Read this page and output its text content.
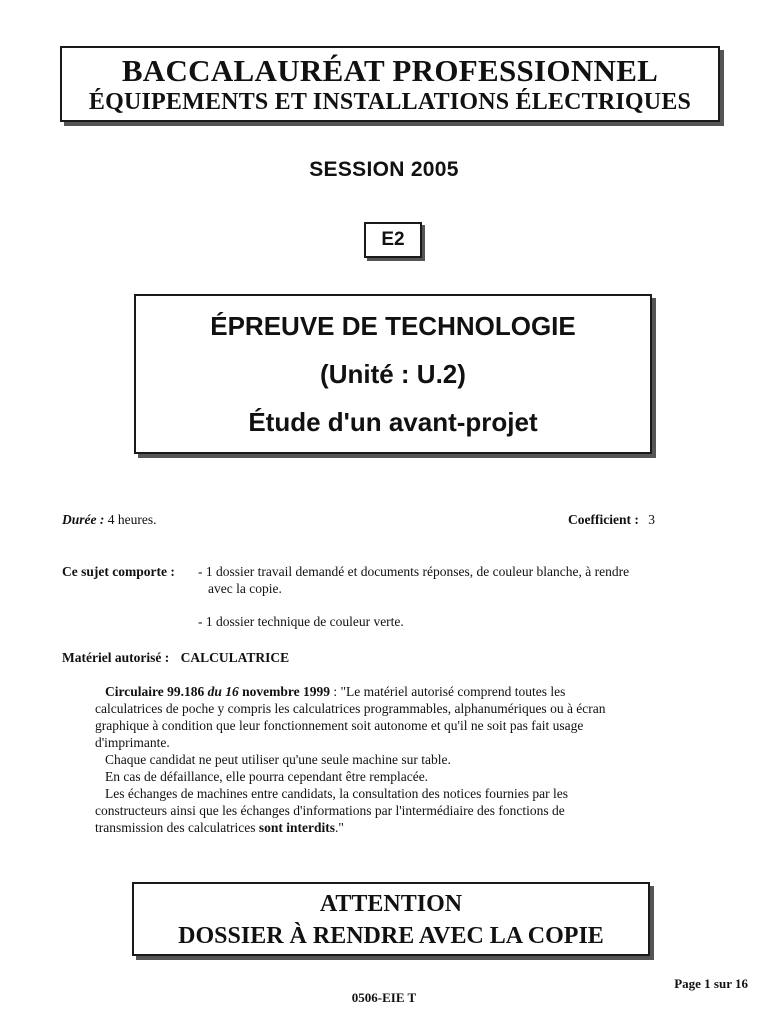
BACCALAURÉAT PROFESSIONNEL
ÉQUIPEMENTS ET INSTALLATIONS ÉLECTRIQUES
SESSION 2005
E2
ÉPREUVE DE TECHNOLOGIE
(Unité : U.2)
Étude d'un avant-projet
Durée : 4 heures.	Coefficient : 3
Ce sujet comporte : - 1 dossier travail demandé et documents réponses, de couleur blanche, à rendre
avec la copie.
- 1 dossier technique de couleur verte.
Matériel autorisé : CALCULATRICE
Circulaire 99.186 du 16 novembre 1999 : "Le matériel autorisé comprend toutes les
calculatrices de poche y compris les calculatrices programmables, alphanumériques ou à écran
graphique à condition que leur fonctionnement soit autonome et qu'il ne soit pas fait usage
d'imprimante.
Chaque candidat ne peut utiliser qu'une seule machine sur table.
En cas de défaillance, elle pourra cependant être remplacée.
Les échanges de machines entre candidats, la consultation des notices fournies par les
constructeurs ainsi que les échanges d'informations par l'intermédiaire des fonctions de
transmission des calculatrices sont interdits."
ATTENTION
DOSSIER À RENDRE AVEC LA COPIE
Page 1 sur 16
0506-EIE T
